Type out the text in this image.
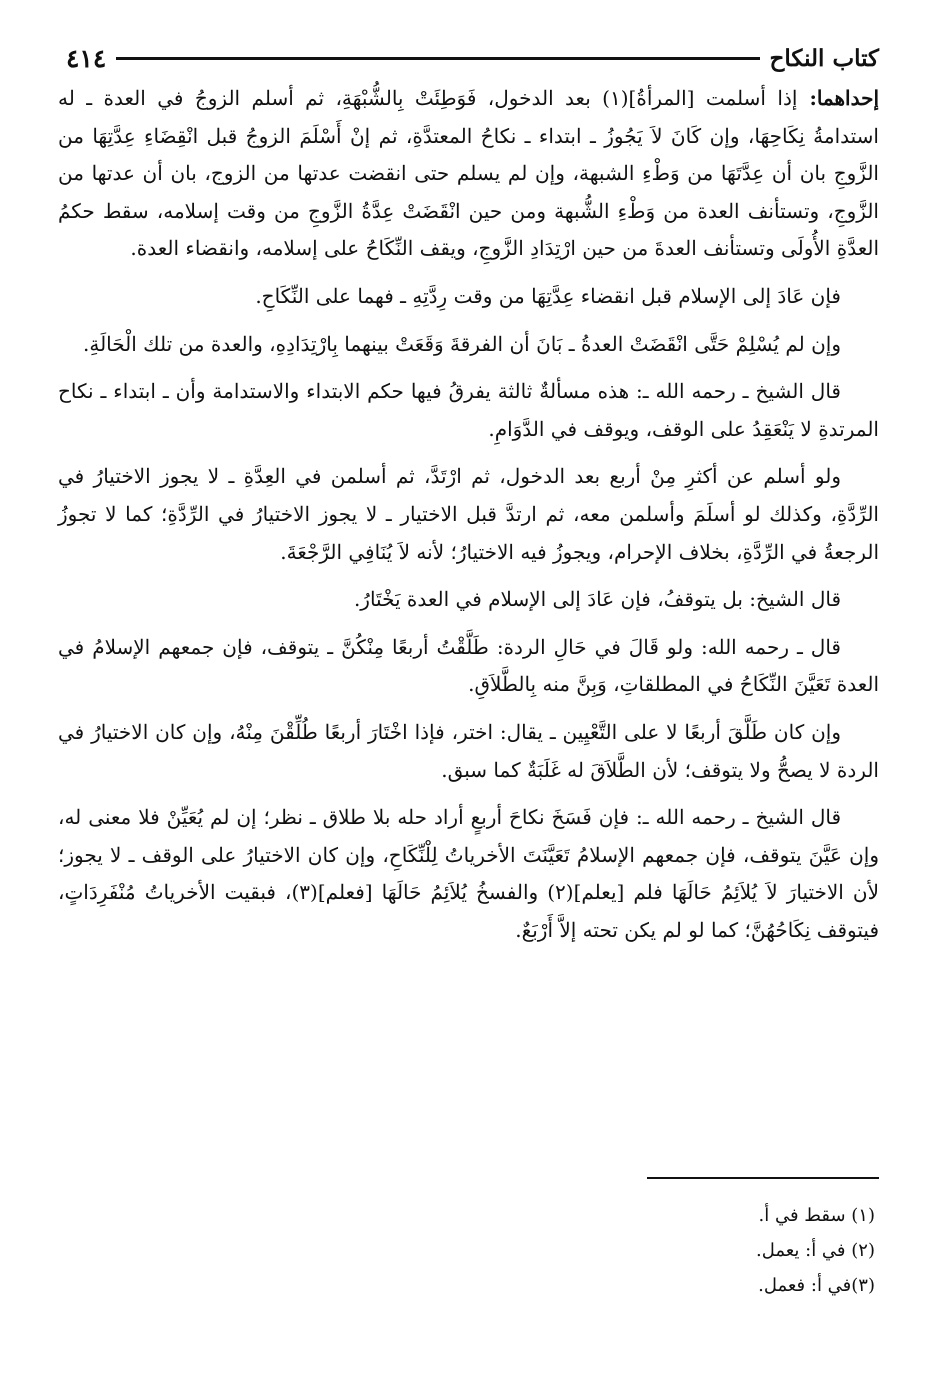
كتاب النكاح
٤١٤

إحداهما: إذا أسلمت [المرأةُ](١) بعد الدخول، فَوَطِئَتْ بِالشُّبْهَةِ، ثم أسلم الزوجُ في العدة ـ له استدامةُ نِكَاحِهَا، وإن كَانَ لاَ يَجُوزُ ـ ابتداء ـ نكاحُ المعتدَّةِ، ثم إنْ أَسْلَمَ الزوجُ قبل انْقِضَاءِ عِدَّتِهَا من الزَّوجِ بان أن عِدَّتَهَا من وَطْءِ الشبهة، وإن لم يسلم حتى انقضت عدتها من الزوج، بان أن عدتها من الزَّوجِ، وتستأنف العدة من وَطْءِ الشُّبهة ومن حين انْقَضَتْ عِدَّةُ الزَّوجِ من وقت إسلامه، سقط حكمُ العدَّةِ الأُولَى وتستأنف العدةَ من حين ارْتِدَادِ الزَّوجِ، ويقف النِّكَاحُ على إسلامه، وانقضاء العدة.

فإن عَادَ إلى الإسلام قبل انقضاء عِدَّتِهَا من وقت رِدَّتِهِ ـ فهما على النِّكَاحِ.

وإن لم يُسْلِمْ حَتَّى انْقَضَتْ العدةُ ـ بَانَ أن الفرقةَ وَقَعَتْ بينهما بِارْتِدَادِهِ، والعدة من تلك الْحَالَةِ.

قال الشيخ ـ رحمه الله ـ: هذه مسألةٌ ثالثة يفرقُ فيها حكم الابتداء والاستدامة وأن ـ ابتداء ـ نكاح المرتدةِ لا يَنْعَقِدُ على الوقف، ويوقف في الدَّوَامِ.

ولو أسلم عن أكثرِ مِنْ أربع بعد الدخول، ثم ارْتَدَّ، ثم أسلمن في العِدَّةِ ـ لا يجوز الاختيارُ في الرِّدَّةِ، وكذلك لو أسلَمَ وأسلمن معه، ثم ارتدَّ قبل الاختيار ـ لا يجوز الاختيارُ في الرِّدَّةِ؛ كما لا تجوزُ الرجعةُ في الرِّدَّةِ، بخلاف الإحرام، ويجوزُ فيه الاختيارُ؛ لأنه لاَ يُنَافِي الرَّجْعَةَ.

قال الشيخ: بل يتوقفُ، فإن عَادَ إلى الإسلام في العدة يَخْتَارُ.

قال ـ رحمه الله: ولو قَالَ في حَالِ الردة: طَلَّقْتُ أربعًا مِنْكُنَّ ـ يتوقف، فإن جمعهم الإسلامُ في العدة تَعَيَّنَ النِّكَاحُ في المطلقاتِ، وَبِنَّ منه بِالطَّلاَقِ.

وإن كان طَلَّقَ أربعًا لا على التَّعْيِين ـ يقال: اختر، فإذا اخْتَارَ أربعًا طُلِّقْنَ مِنْهُ، وإن كان الاختيارُ في الردة لا يصحُّ ولا يتوقف؛ لأن الطَّلاَقَ له غَلَبَةٌ كما سبق.

قال الشيخ ـ رحمه الله ـ: فإن فَسَخَ نكاحَ أربعٍ أراد حله بلا طلاق ـ نظر؛ إن لم يُعَيِّنْ فلا معنى له، وإن عَيَّنَ يتوقف، فإن جمعهم الإسلامُ تَعَيَّنَتَ الأخرياتُ لِلْنِّكَاحِ، وإن كان الاختيارُ على الوقف ـ لا يجوز؛ لأن الاختيارَ لاَ يُلاَئِمُ حَالَهَا فلم [يعلم](٢) والفسخُ يُلاَئِمُ حَالَهَا [فعلم](٣)، فبقيت الأخرياتُ مُنْفَرِدَاتٍ، فيتوقف نِكَاحُهُنَّ؛ كما لو لم يكن تحته إلاَّ أَرْبَعٌ.

(١) سقط في أ.
(٢) في أ: يعمل.
(٣)في أ: فعمل.
